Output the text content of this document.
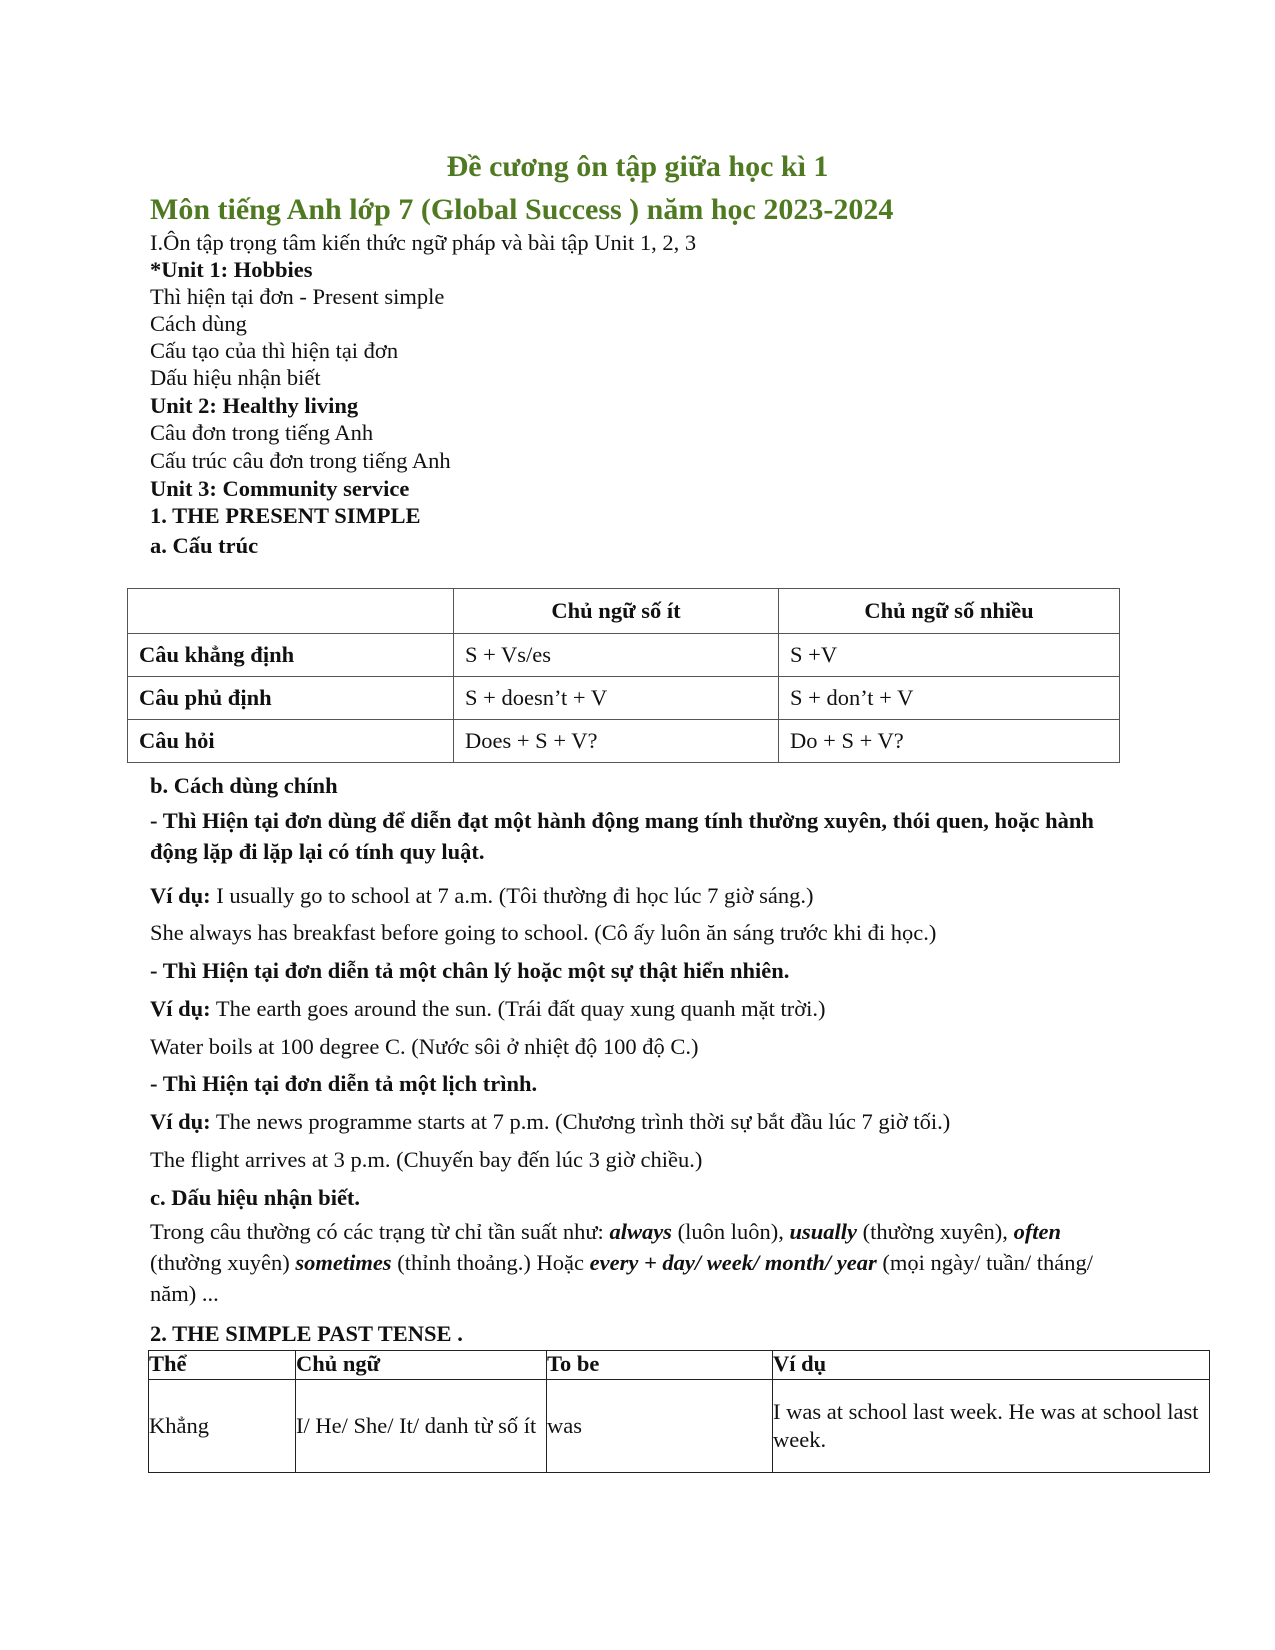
Đề cương ôn tập giữa học kì 1
Môn tiếng Anh lớp 7 (Global Success ) năm học 2023-2024

I.Ôn tập trọng tâm kiến thức ngữ pháp và bài tập Unit 1, 2, 3

*Unit 1: Hobbies

Thì hiện tại đơn - Present simple

Cách dùng

Cấu tạo của thì hiện tại đơn

Dấu hiệu nhận biết

Unit 2: Healthy living

Câu đơn trong tiếng Anh

Cấu trúc câu đơn trong tiếng Anh

Unit 3: Community service

1. THE PRESENT SIMPLE

a. Cấu trúc

	Chủ ngữ số ít	Chủ ngữ số nhiều
Câu khẳng định	S + Vs/es	S +V
Câu phủ định	S + doesn’t + V	S + don’t + V
Câu hỏi	Does + S + V?	Do + S + V?

b. Cách dùng chính

- Thì Hiện tại đơn dùng để diễn đạt một hành động mang tính thường xuyên, thói quen, hoặc hành động lặp đi lặp lại có tính quy luật.

Ví dụ: I usually go to school at 7 a.m. (Tôi thường đi học lúc 7 giờ sáng.)

She always has breakfast before going to school. (Cô ấy luôn ăn sáng trước khi đi học.)

- Thì Hiện tại đơn diễn tả một chân lý hoặc một sự thật hiển nhiên.

Ví dụ: The earth goes around the sun. (Trái đất quay xung quanh mặt trời.)

Water boils at 100 degree C. (Nước sôi ở nhiệt độ 100 độ C.)

- Thì Hiện tại đơn diễn tả một lịch trình.

Ví dụ: The news programme starts at 7 p.m. (Chương trình thời sự bắt đầu lúc 7 giờ tối.)

The flight arrives at 3 p.m. (Chuyến bay đến lúc 3 giờ chiều.)

c. Dấu hiệu nhận biết.

Trong câu thường có các trạng từ chỉ tần suất như: always (luôn luôn), usually (thường xuyên), often (thường xuyên) sometimes (thỉnh thoảng.) Hoặc every + day/ week/ month/ year (mọi ngày/ tuần/ tháng/ năm) ...

2. THE SIMPLE PAST TENSE .

Thể	Chủ ngữ	To be	Ví dụ
Khẳng	I/ He/ She/ It/ danh từ số ít	was	I was at school last week. He was at school last week.
